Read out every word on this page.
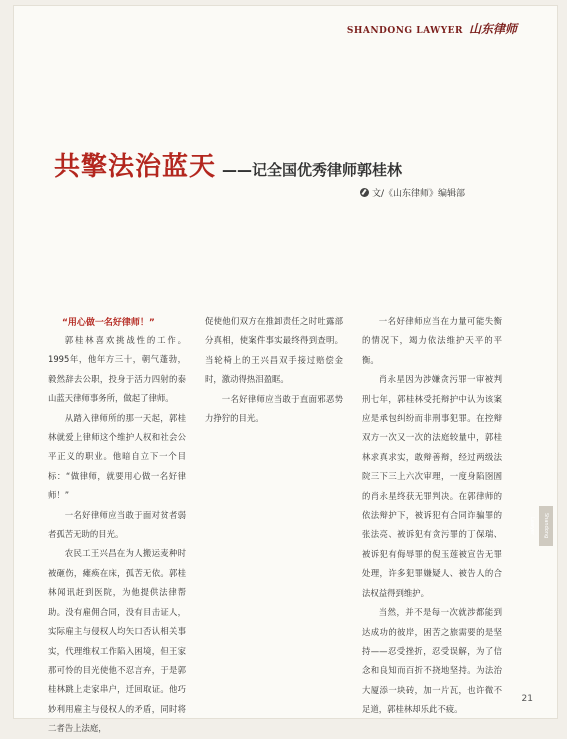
SHANDONG LAWYER 山东律师
共擎法治蓝天 ——记全国优秀律师郭桂林
文/《山东律师》编辑部

“用心做一名好律师！”

郭桂林喜欢挑战性的工作。1995年，他年方三十，朝气蓬勃，毅然辞去公职，投身于活力四射的泰山蓝天律师事务所，做起了律师。

从踏入律师所的那一天起，郭桂林就爱上律师这个维护人权和社会公平正义的职业。他暗自立下一个目标：“做律师，就要用心做一名好律师！”

一名好律师应当敢于面对贫者弱者孤苦无助的目光。

农民工王兴昌在为人搬运麦种时被砸伤，瘫痪在床，孤苦无依。郭桂林闻讯赶到医院，为他提供法律帮助。没有雇佣合同，没有目击证人，实际雇主与侵权人均矢口否认相关事实，代理维权工作陷入困境，但王家那可怜的目光使他不忍言弃，于是郭桂林跳上走家串户，迁回取证。他巧妙利用雇主与侵权人的矛盾，同时将二者告上法庭，

促使他们双方在推卸责任之时吐露部分真相，使案件事实最终得到查明。当轮椅上的王兴昌双手接过赔偿金时，激动得热泪盈眶。

一名好律师应当敢于直面邪恶势力挣狞的目光。

一名好律师应当在力量可能失衡的情况下，竭力依法维护天平的平衡。

肖永星因为涉嫌贪污罪一审被判刑七年，郭桂林受托辩护中认为该案应是承包纠纷而非刑事犯罪。在控辩双方一次又一次的法庭较量中，郭桂林求真求实，敢辩善辩，经过两级法院三下三上六次审理，一度身陷囹圄的肖永星终获无罪判决。在郭律师的依法辩护下，被诉犯有合同诈骗罪的张法亮、被诉犯有贪污罪的丁保瑞、被诉犯有侮辱罪的倪玉莲被宣告无罪处理，许多犯罪嫌疑人、被告人的合法权益得到维护。

当然，并不是每一次就涉都能到达成功的彼岸，困苦之旅需要的是坚持——忍受挫折，忍受误解，为了信念和良知而百折不挠地坚持。为法治大厦添一块砖，加一片瓦，也许微不足道，郭桂林却乐此不疲。

Shandong Lawyer
21
